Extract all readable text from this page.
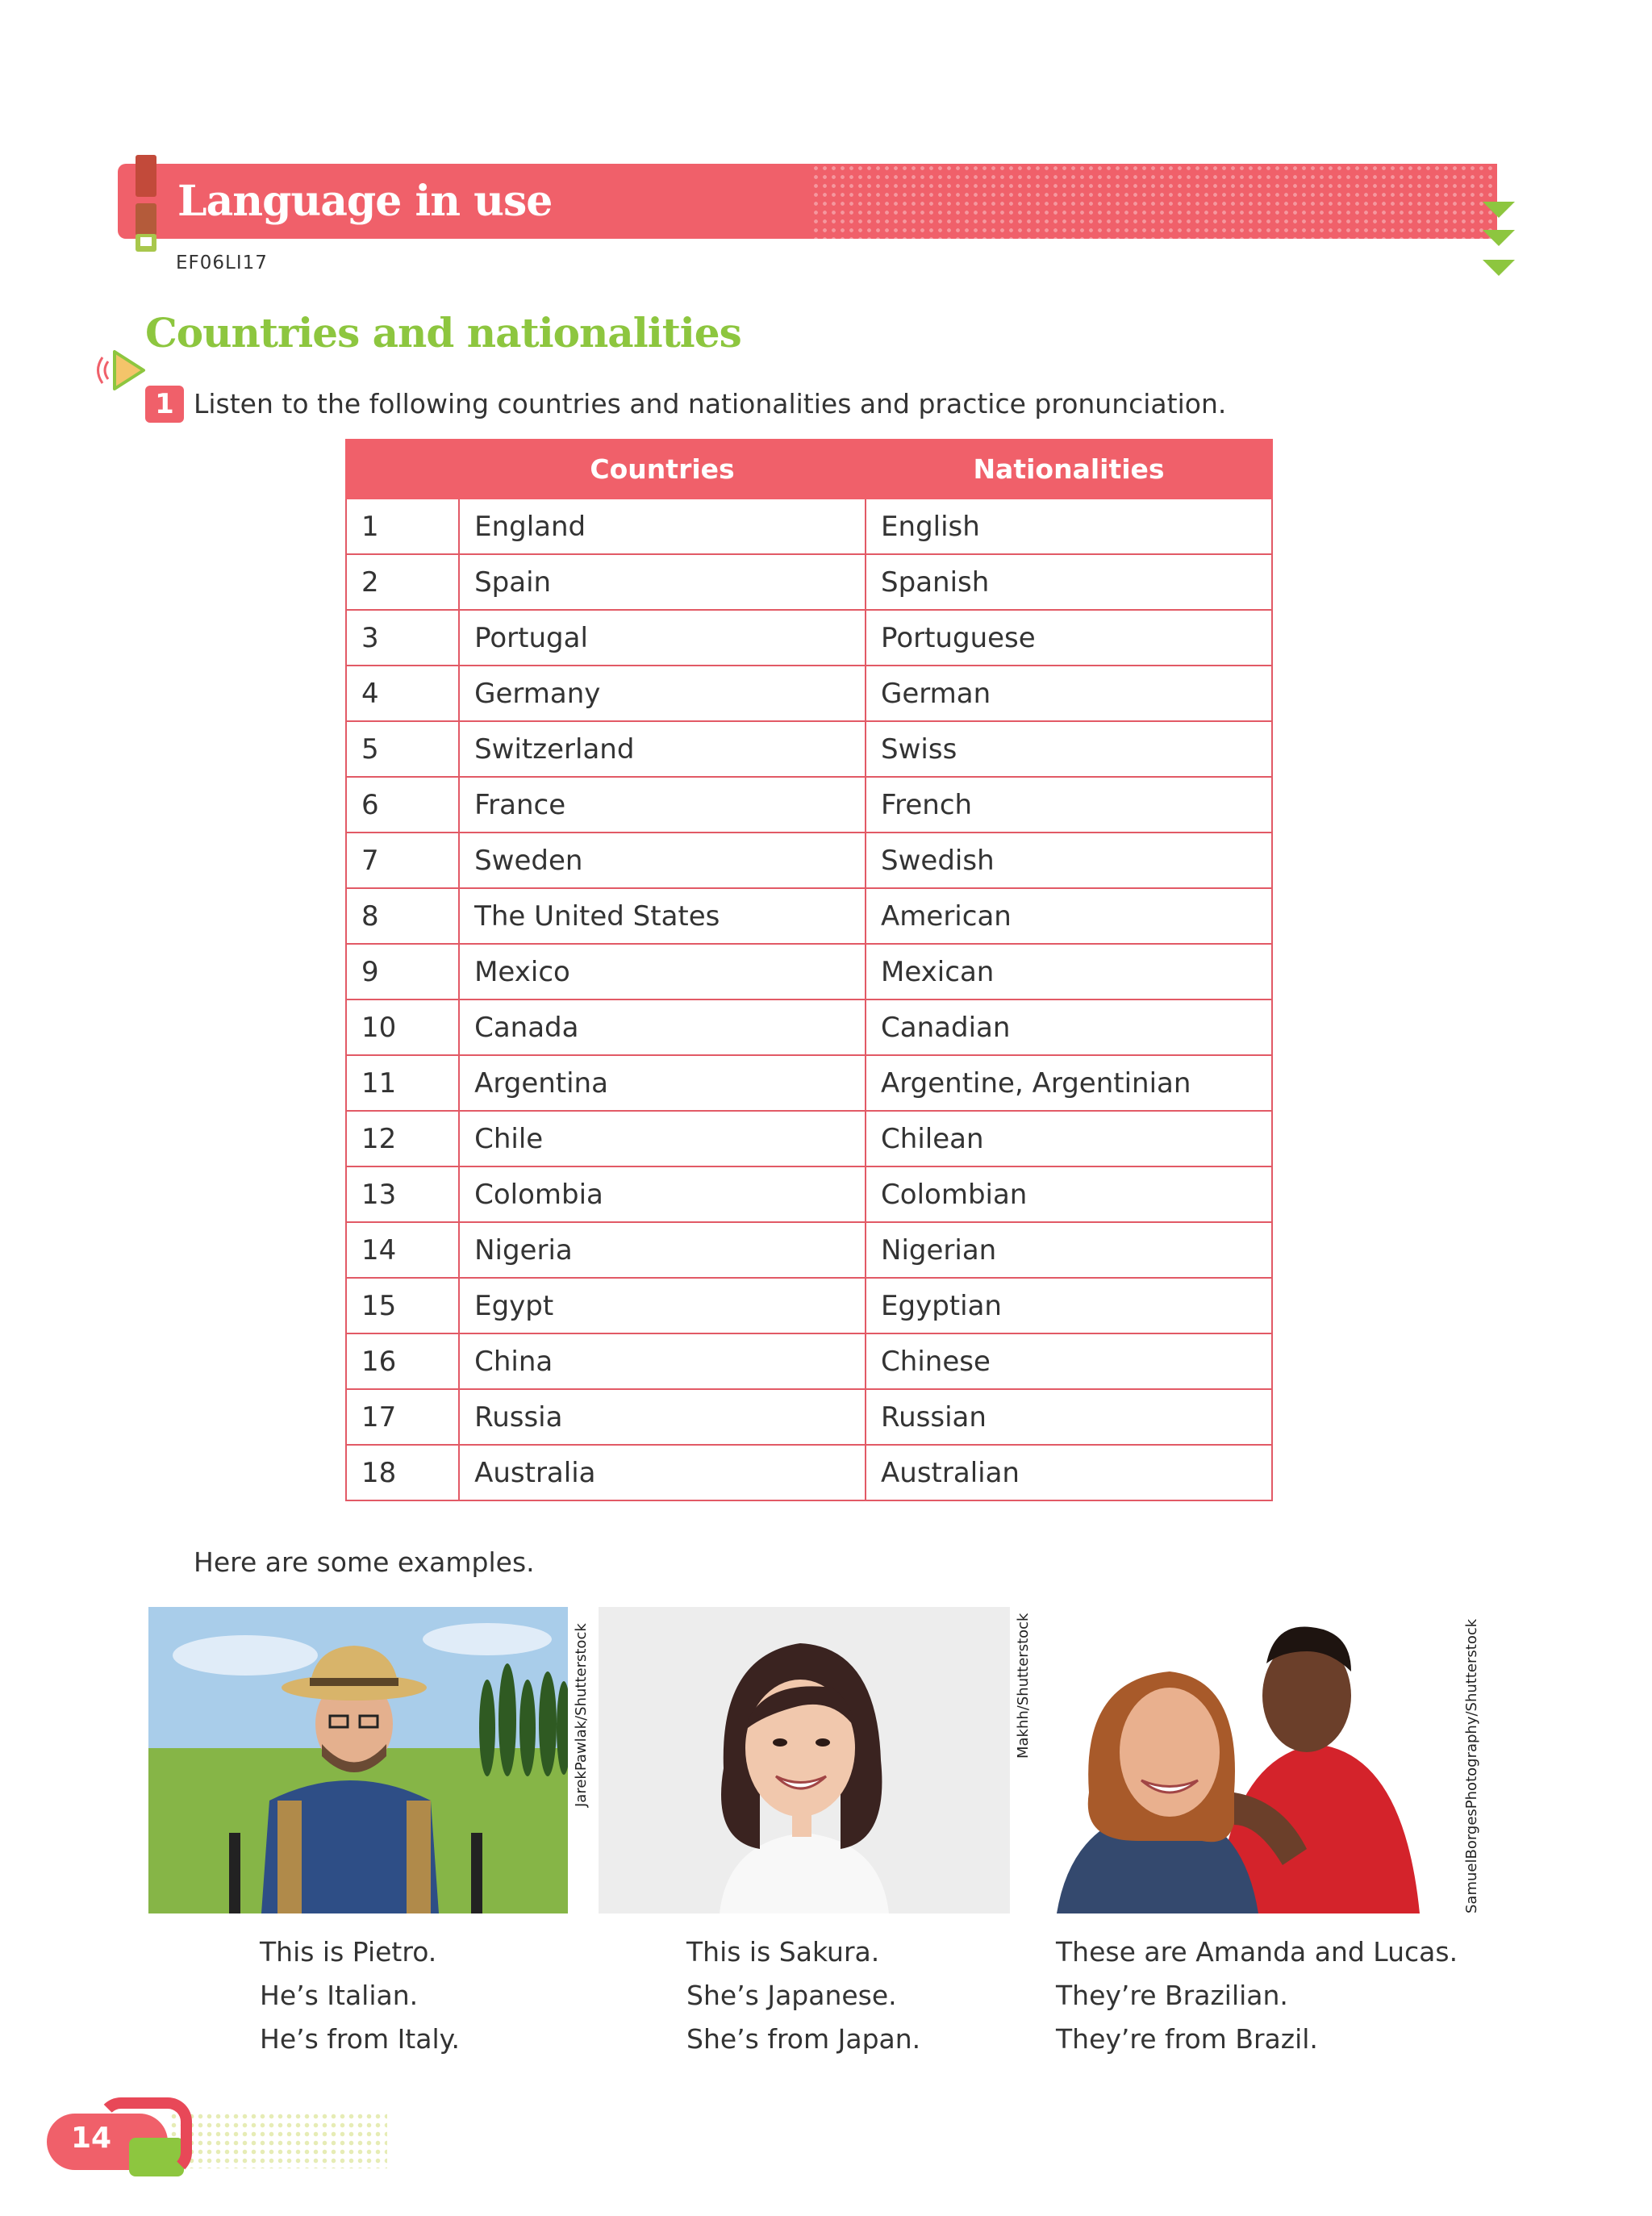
Language in use
EF06LI17
Countries and nationalities
1 Listen to the following countries and nationalities and practice pronunciation.
	Countries	Nationalities
1	England	English
2	Spain	Spanish
3	Portugal	Portuguese
4	Germany	German
5	Switzerland	Swiss
6	France	French
7	Sweden	Swedish
8	The United States	American
9	Mexico	Mexican
10	Canada	Canadian
11	Argentina	Argentine, Argentinian
12	Chile	Chilean
13	Colombia	Colombian
14	Nigeria	Nigerian
15	Egypt	Egyptian
16	China	Chinese
17	Russia	Russian
18	Australia	Australian
Here are some examples.
JarekPawlak/Shutterstock	Makhh/Shutterstock	SamuelBorgesPhotography/Shutterstock
This is Pietro.
He’s Italian.
He’s from Italy.
This is Sakura.
She’s Japanese.
She’s from Japan.
These are Amanda and Lucas.
They’re Brazilian.
They’re from Brazil.
14
